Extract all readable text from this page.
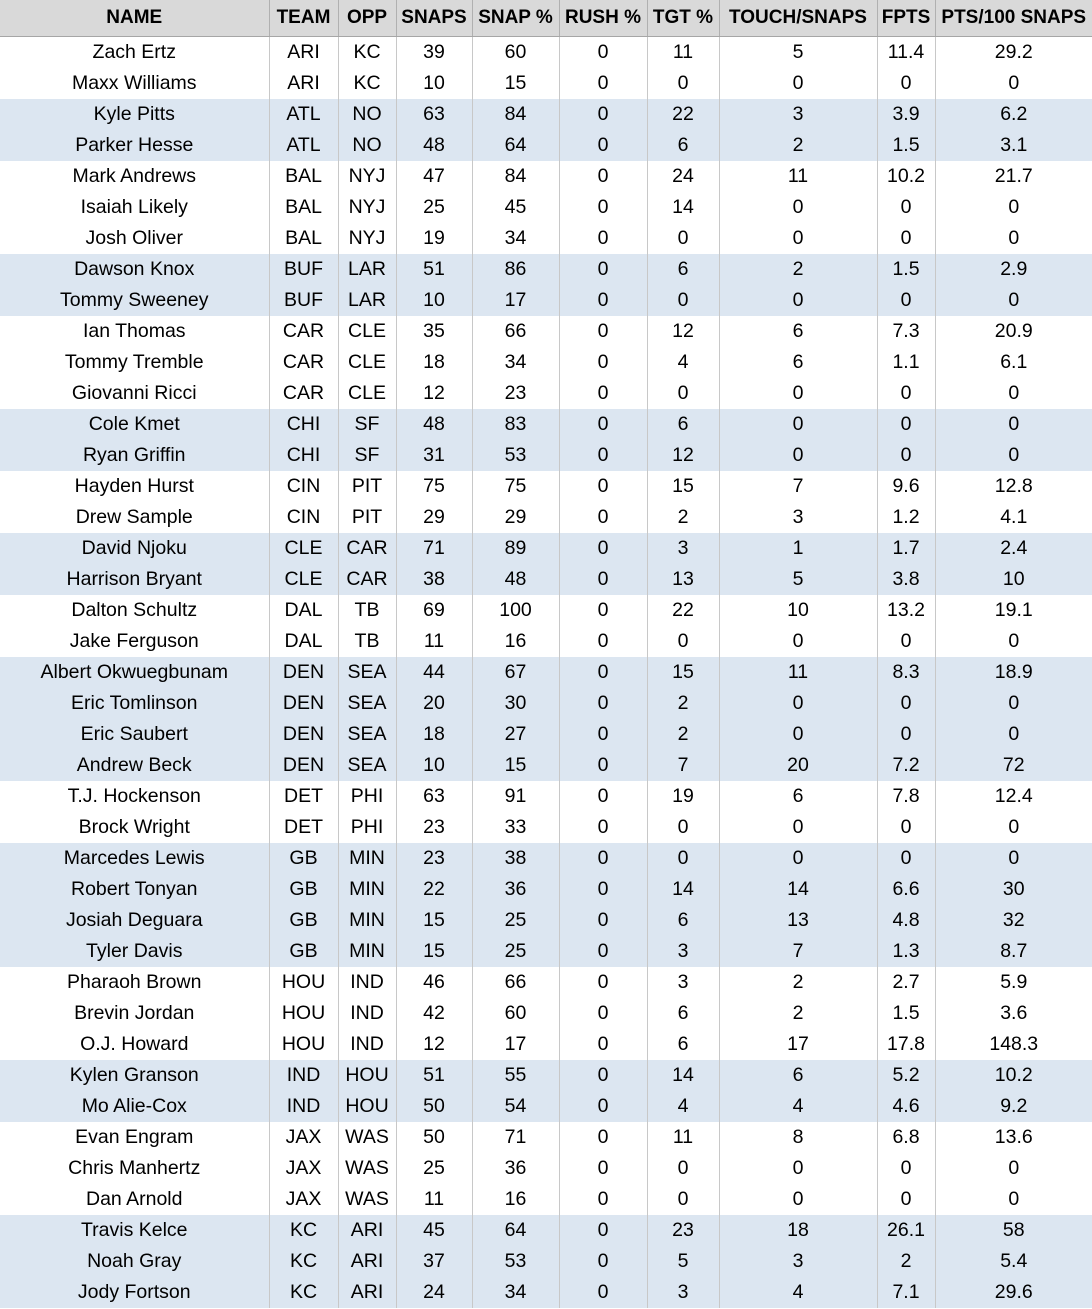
NAME	TEAM	OPP	SNAPS	SNAP %	RUSH %	TGT %	TOUCH/SNAPS	FPTS	PTS/100 SNAPS
Zach Ertz	ARI	KC	39	60	0	11	5	11.4	29.2
Maxx Williams	ARI	KC	10	15	0	0	0	0	0
Kyle Pitts	ATL	NO	63	84	0	22	3	3.9	6.2
Parker Hesse	ATL	NO	48	64	0	6	2	1.5	3.1
Mark Andrews	BAL	NYJ	47	84	0	24	11	10.2	21.7
Isaiah Likely	BAL	NYJ	25	45	0	14	0	0	0
Josh Oliver	BAL	NYJ	19	34	0	0	0	0	0
Dawson Knox	BUF	LAR	51	86	0	6	2	1.5	2.9
Tommy Sweeney	BUF	LAR	10	17	0	0	0	0	0
Ian Thomas	CAR	CLE	35	66	0	12	6	7.3	20.9
Tommy Tremble	CAR	CLE	18	34	0	4	6	1.1	6.1
Giovanni Ricci	CAR	CLE	12	23	0	0	0	0	0
Cole Kmet	CHI	SF	48	83	0	6	0	0	0
Ryan Griffin	CHI	SF	31	53	0	12	0	0	0
Hayden Hurst	CIN	PIT	75	75	0	15	7	9.6	12.8
Drew Sample	CIN	PIT	29	29	0	2	3	1.2	4.1
David Njoku	CLE	CAR	71	89	0	3	1	1.7	2.4
Harrison Bryant	CLE	CAR	38	48	0	13	5	3.8	10
Dalton Schultz	DAL	TB	69	100	0	22	10	13.2	19.1
Jake Ferguson	DAL	TB	11	16	0	0	0	0	0
Albert Okwuegbunam	DEN	SEA	44	67	0	15	11	8.3	18.9
Eric Tomlinson	DEN	SEA	20	30	0	2	0	0	0
Eric Saubert	DEN	SEA	18	27	0	2	0	0	0
Andrew Beck	DEN	SEA	10	15	0	7	20	7.2	72
T.J. Hockenson	DET	PHI	63	91	0	19	6	7.8	12.4
Brock Wright	DET	PHI	23	33	0	0	0	0	0
Marcedes Lewis	GB	MIN	23	38	0	0	0	0	0
Robert Tonyan	GB	MIN	22	36	0	14	14	6.6	30
Josiah Deguara	GB	MIN	15	25	0	6	13	4.8	32
Tyler Davis	GB	MIN	15	25	0	3	7	1.3	8.7
Pharaoh Brown	HOU	IND	46	66	0	3	2	2.7	5.9
Brevin Jordan	HOU	IND	42	60	0	6	2	1.5	3.6
O.J. Howard	HOU	IND	12	17	0	6	17	17.8	148.3
Kylen Granson	IND	HOU	51	55	0	14	6	5.2	10.2
Mo Alie-Cox	IND	HOU	50	54	0	4	4	4.6	9.2
Evan Engram	JAX	WAS	50	71	0	11	8	6.8	13.6
Chris Manhertz	JAX	WAS	25	36	0	0	0	0	0
Dan Arnold	JAX	WAS	11	16	0	0	0	0	0
Travis Kelce	KC	ARI	45	64	0	23	18	26.1	58
Noah Gray	KC	ARI	37	53	0	5	3	2	5.4
Jody Fortson	KC	ARI	24	34	0	3	4	7.1	29.6
